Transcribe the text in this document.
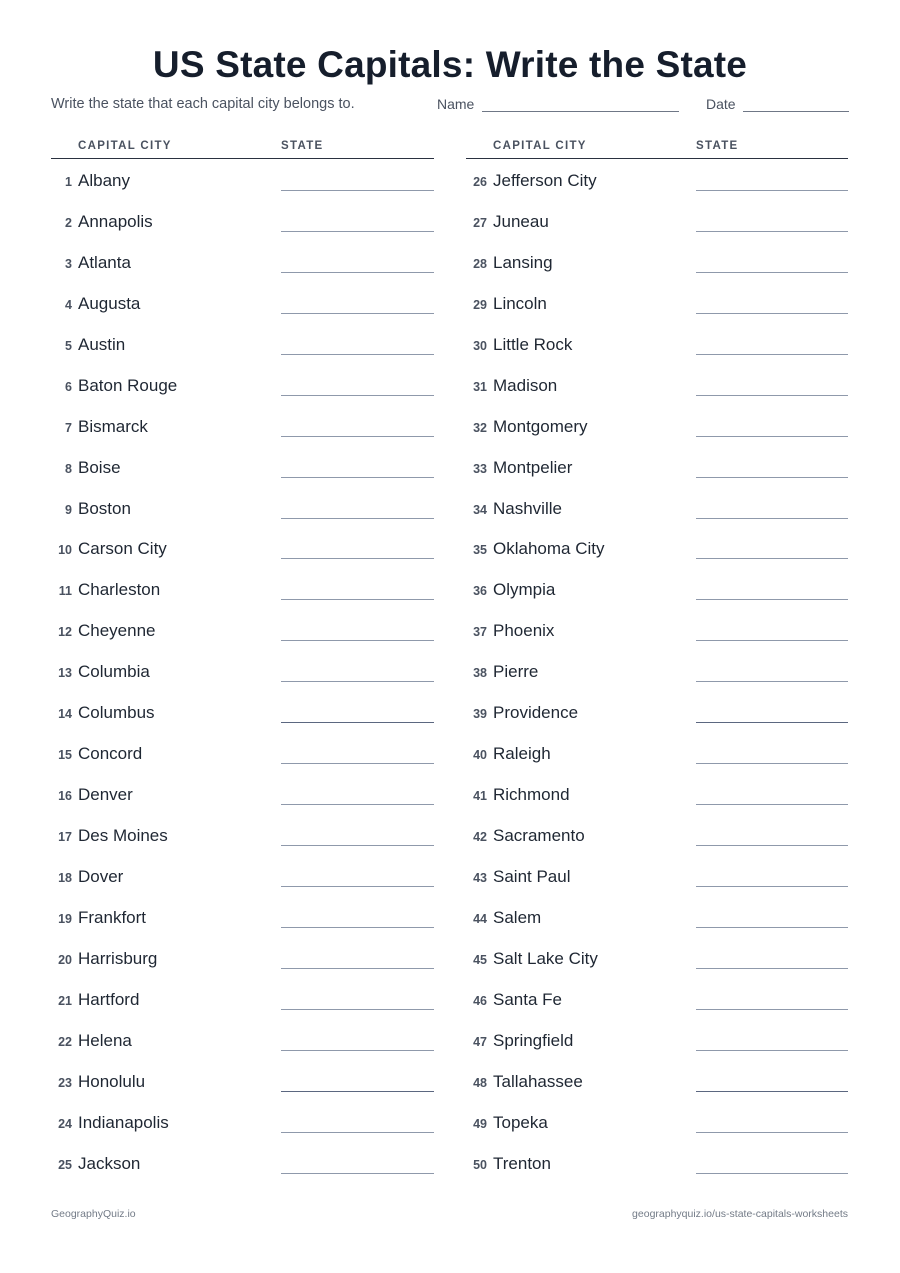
US State Capitals: Write the State
Write the state that each capital city belongs to.	Name	Date
CAPITAL CITY	STATE
1 Albany
2 Annapolis
3 Atlanta
4 Augusta
5 Austin
6 Baton Rouge
7 Bismarck
8 Boise
9 Boston
10 Carson City
11 Charleston
12 Cheyenne
13 Columbia
14 Columbus
15 Concord
16 Denver
17 Des Moines
18 Dover
19 Frankfort
20 Harrisburg
21 Hartford
22 Helena
23 Honolulu
24 Indianapolis
25 Jackson
CAPITAL CITY	STATE
26 Jefferson City
27 Juneau
28 Lansing
29 Lincoln
30 Little Rock
31 Madison
32 Montgomery
33 Montpelier
34 Nashville
35 Oklahoma City
36 Olympia
37 Phoenix
38 Pierre
39 Providence
40 Raleigh
41 Richmond
42 Sacramento
43 Saint Paul
44 Salem
45 Salt Lake City
46 Santa Fe
47 Springfield
48 Tallahassee
49 Topeka
50 Trenton
GeographyQuiz.io	geographyquiz.io/us-state-capitals-worksheets
